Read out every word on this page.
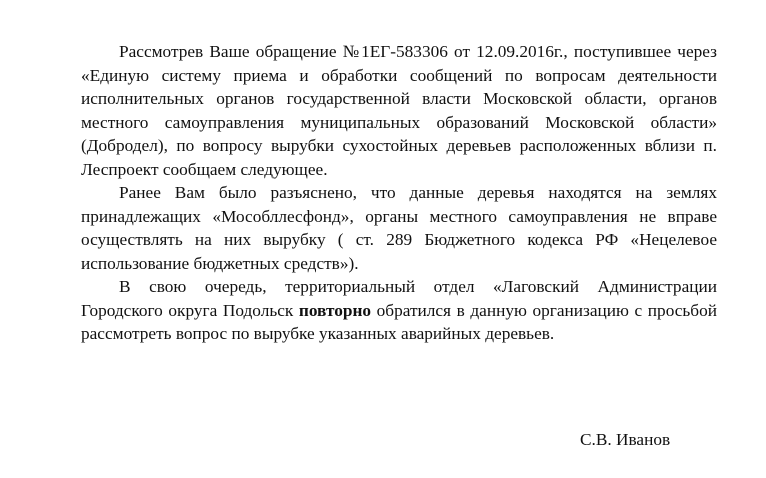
Рассмотрев Ваше обращение №1ЕГ-583306 от 12.09.2016г., поступившее через «Единую систему приема и обработки сообщений по вопросам деятельности исполнительных органов государственной власти Московской области, органов местного самоуправления муниципальных образований Московской области» (Добродел), по вопросу вырубки сухостойных деревьев расположенных вблизи п. Леспроект сообщаем следующее.

Ранее Вам было разъяснено, что данные деревья находятся на землях принадлежащих «Мособллесфонд», органы местного самоуправления не вправе осуществлять на них вырубку ( ст. 289 Бюджетного кодекса РФ «Нецелевое использование бюджетных средств»).

В свою очередь, территориальный отдел «Лаговский Администрации Городского округа Подольск повторно обратился в данную организацию с просьбой рассмотреть вопрос по вырубке указанных аварийных деревьев.

С.В. Иванов
